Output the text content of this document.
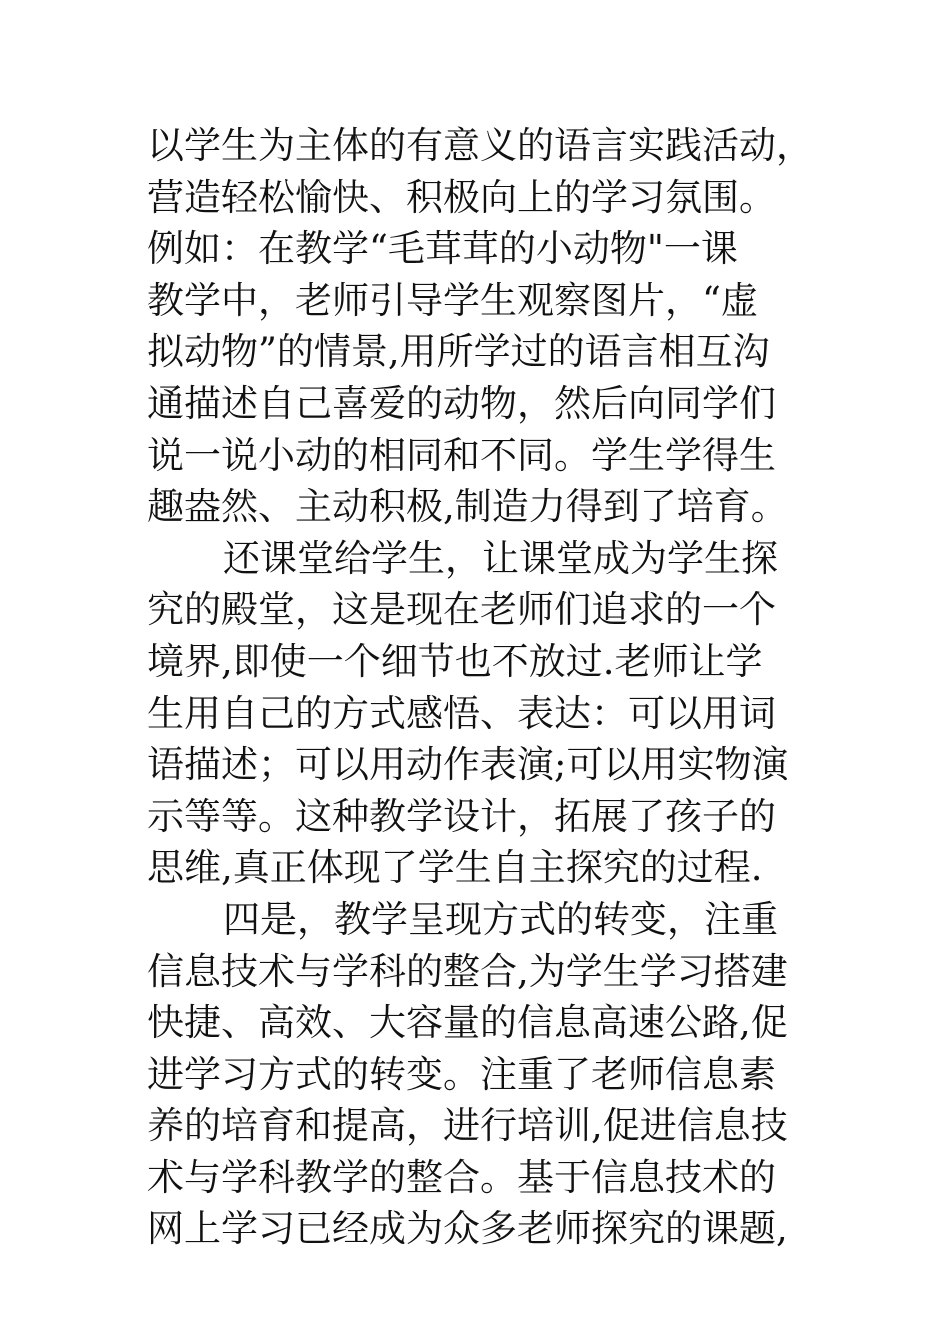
以学生为主体的有意义的语言实践活动，
营造轻松愉快、积极向上的学习氛围。
例如：在教学“毛茸茸的小动物"一课
教学中，老师引导学生观察图片，“虚
拟动物”的情景,用所学过的语言相互沟
通描述自己喜爱的动物，然后向同学们
说一说小动的相同和不同。学生学得生
趣盎然、主动积极,制造力得到了培育。
还课堂给学生，让课堂成为学生探
究的殿堂，这是现在老师们追求的一个
境界,即使一个细节也不放过.老师让学
生用自己的方式感悟、表达：可以用词
语描述；可以用动作表演;可以用实物演
示等等。这种教学设计，拓展了孩子的
思维,真正体现了学生自主探究的过程.
四是，教学呈现方式的转变，注重
信息技术与学科的整合,为学生学习搭建
快捷、高效、大容量的信息高速公路,促
进学习方式的转变。注重了老师信息素
养的培育和提高，进行培训,促进信息技
术与学科教学的整合。基于信息技术的
网上学习已经成为众多老师探究的课题,
